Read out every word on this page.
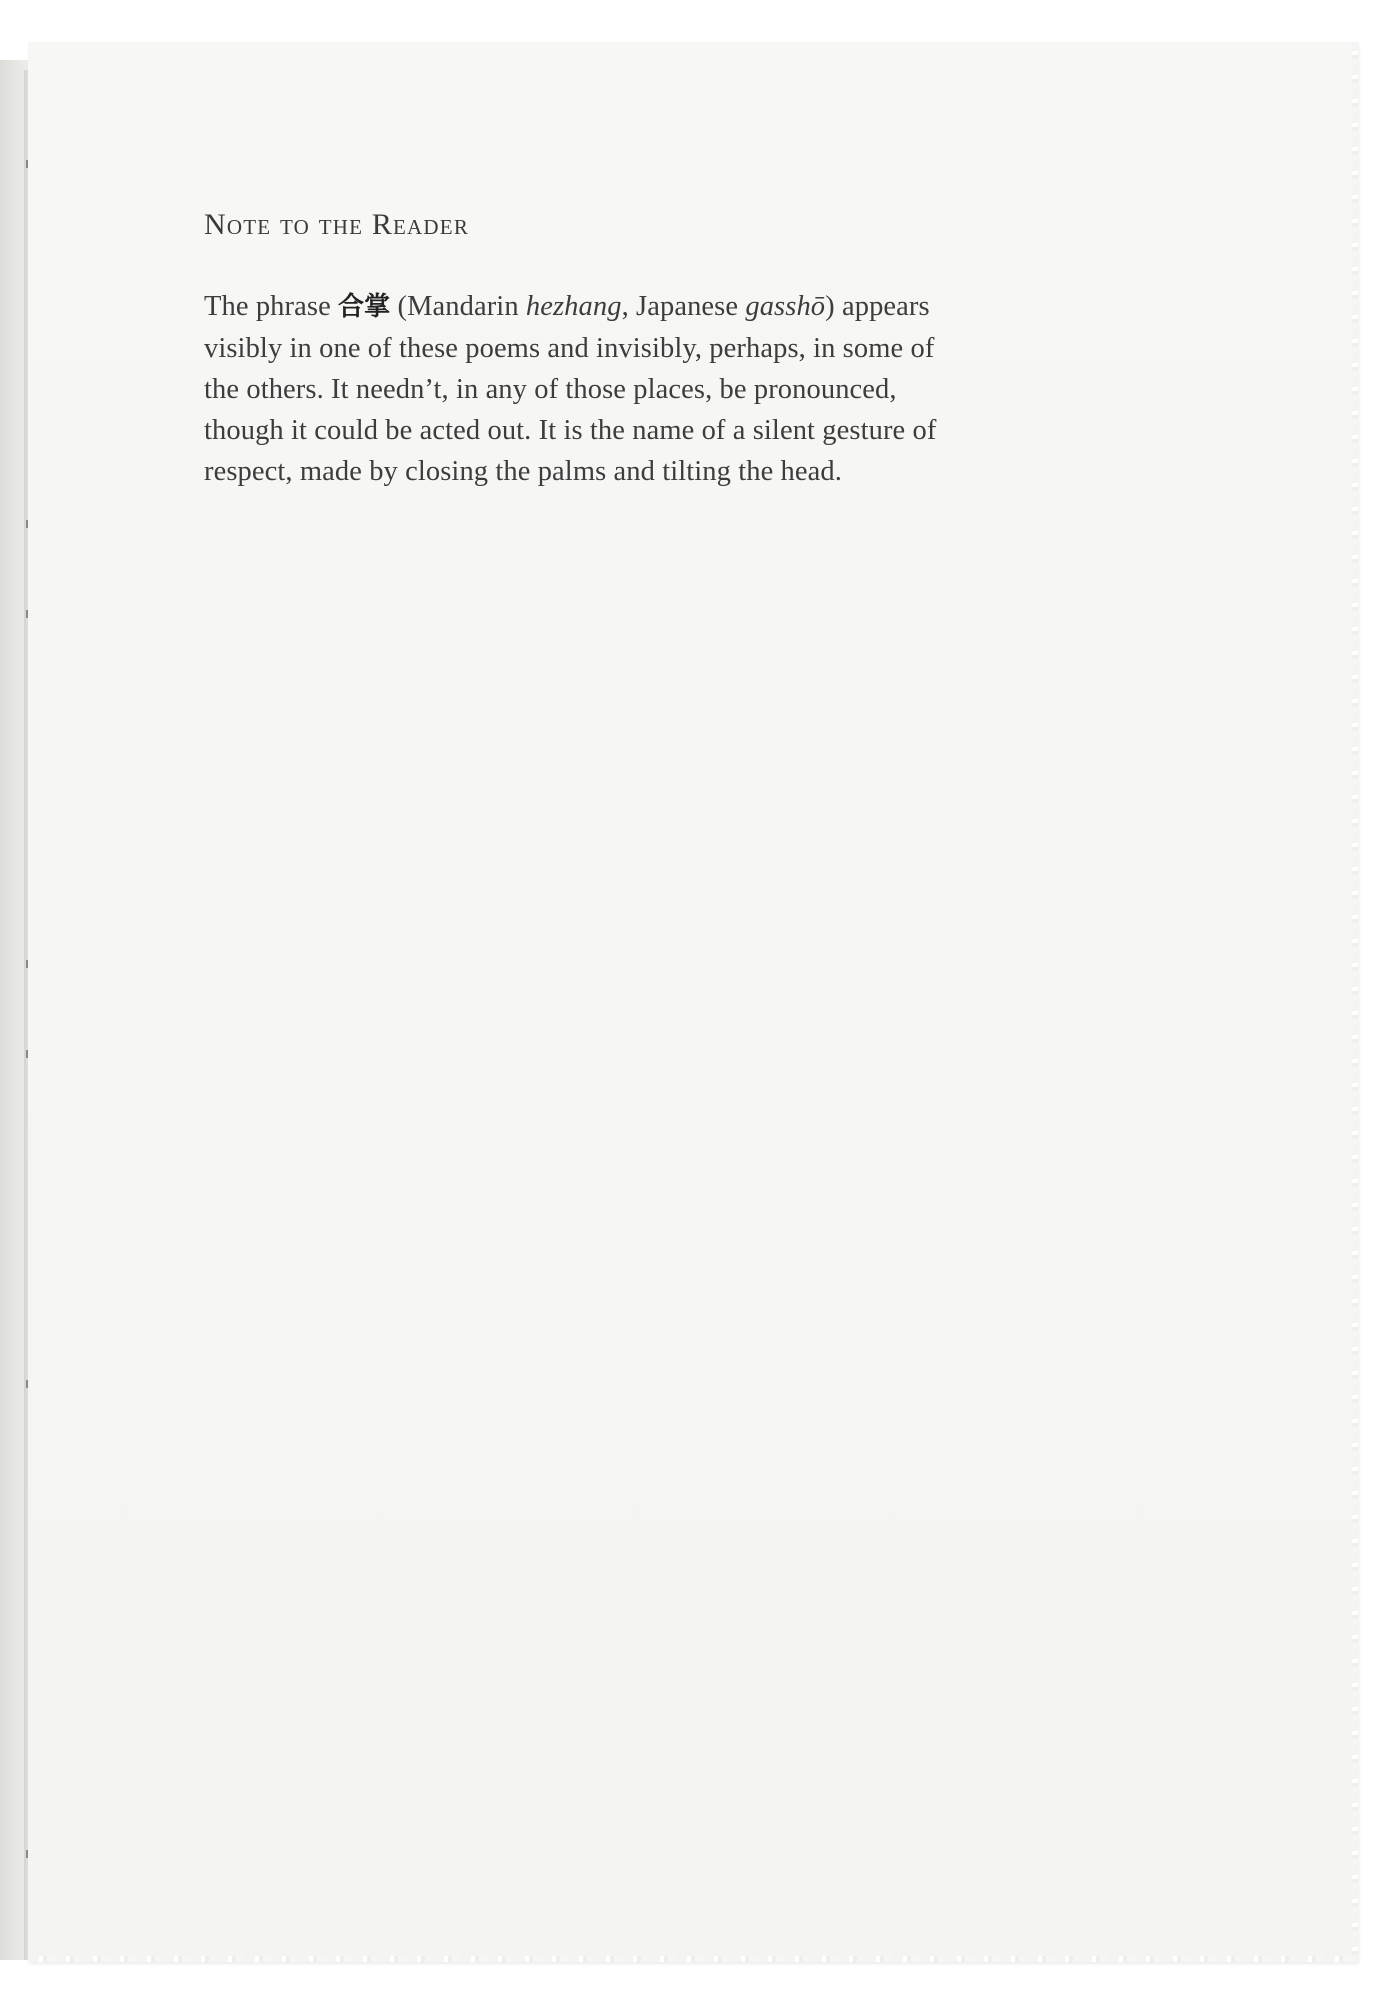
Note to the Reader

The phrase 合掌 (Mandarin hezhang, Japanese gasshō) appears visibly in one of these poems and invisibly, perhaps, in some of the others. It needn’t, in any of those places, be pronounced, though it could be acted out. It is the name of a silent gesture of respect, made by closing the palms and tilting the head.
